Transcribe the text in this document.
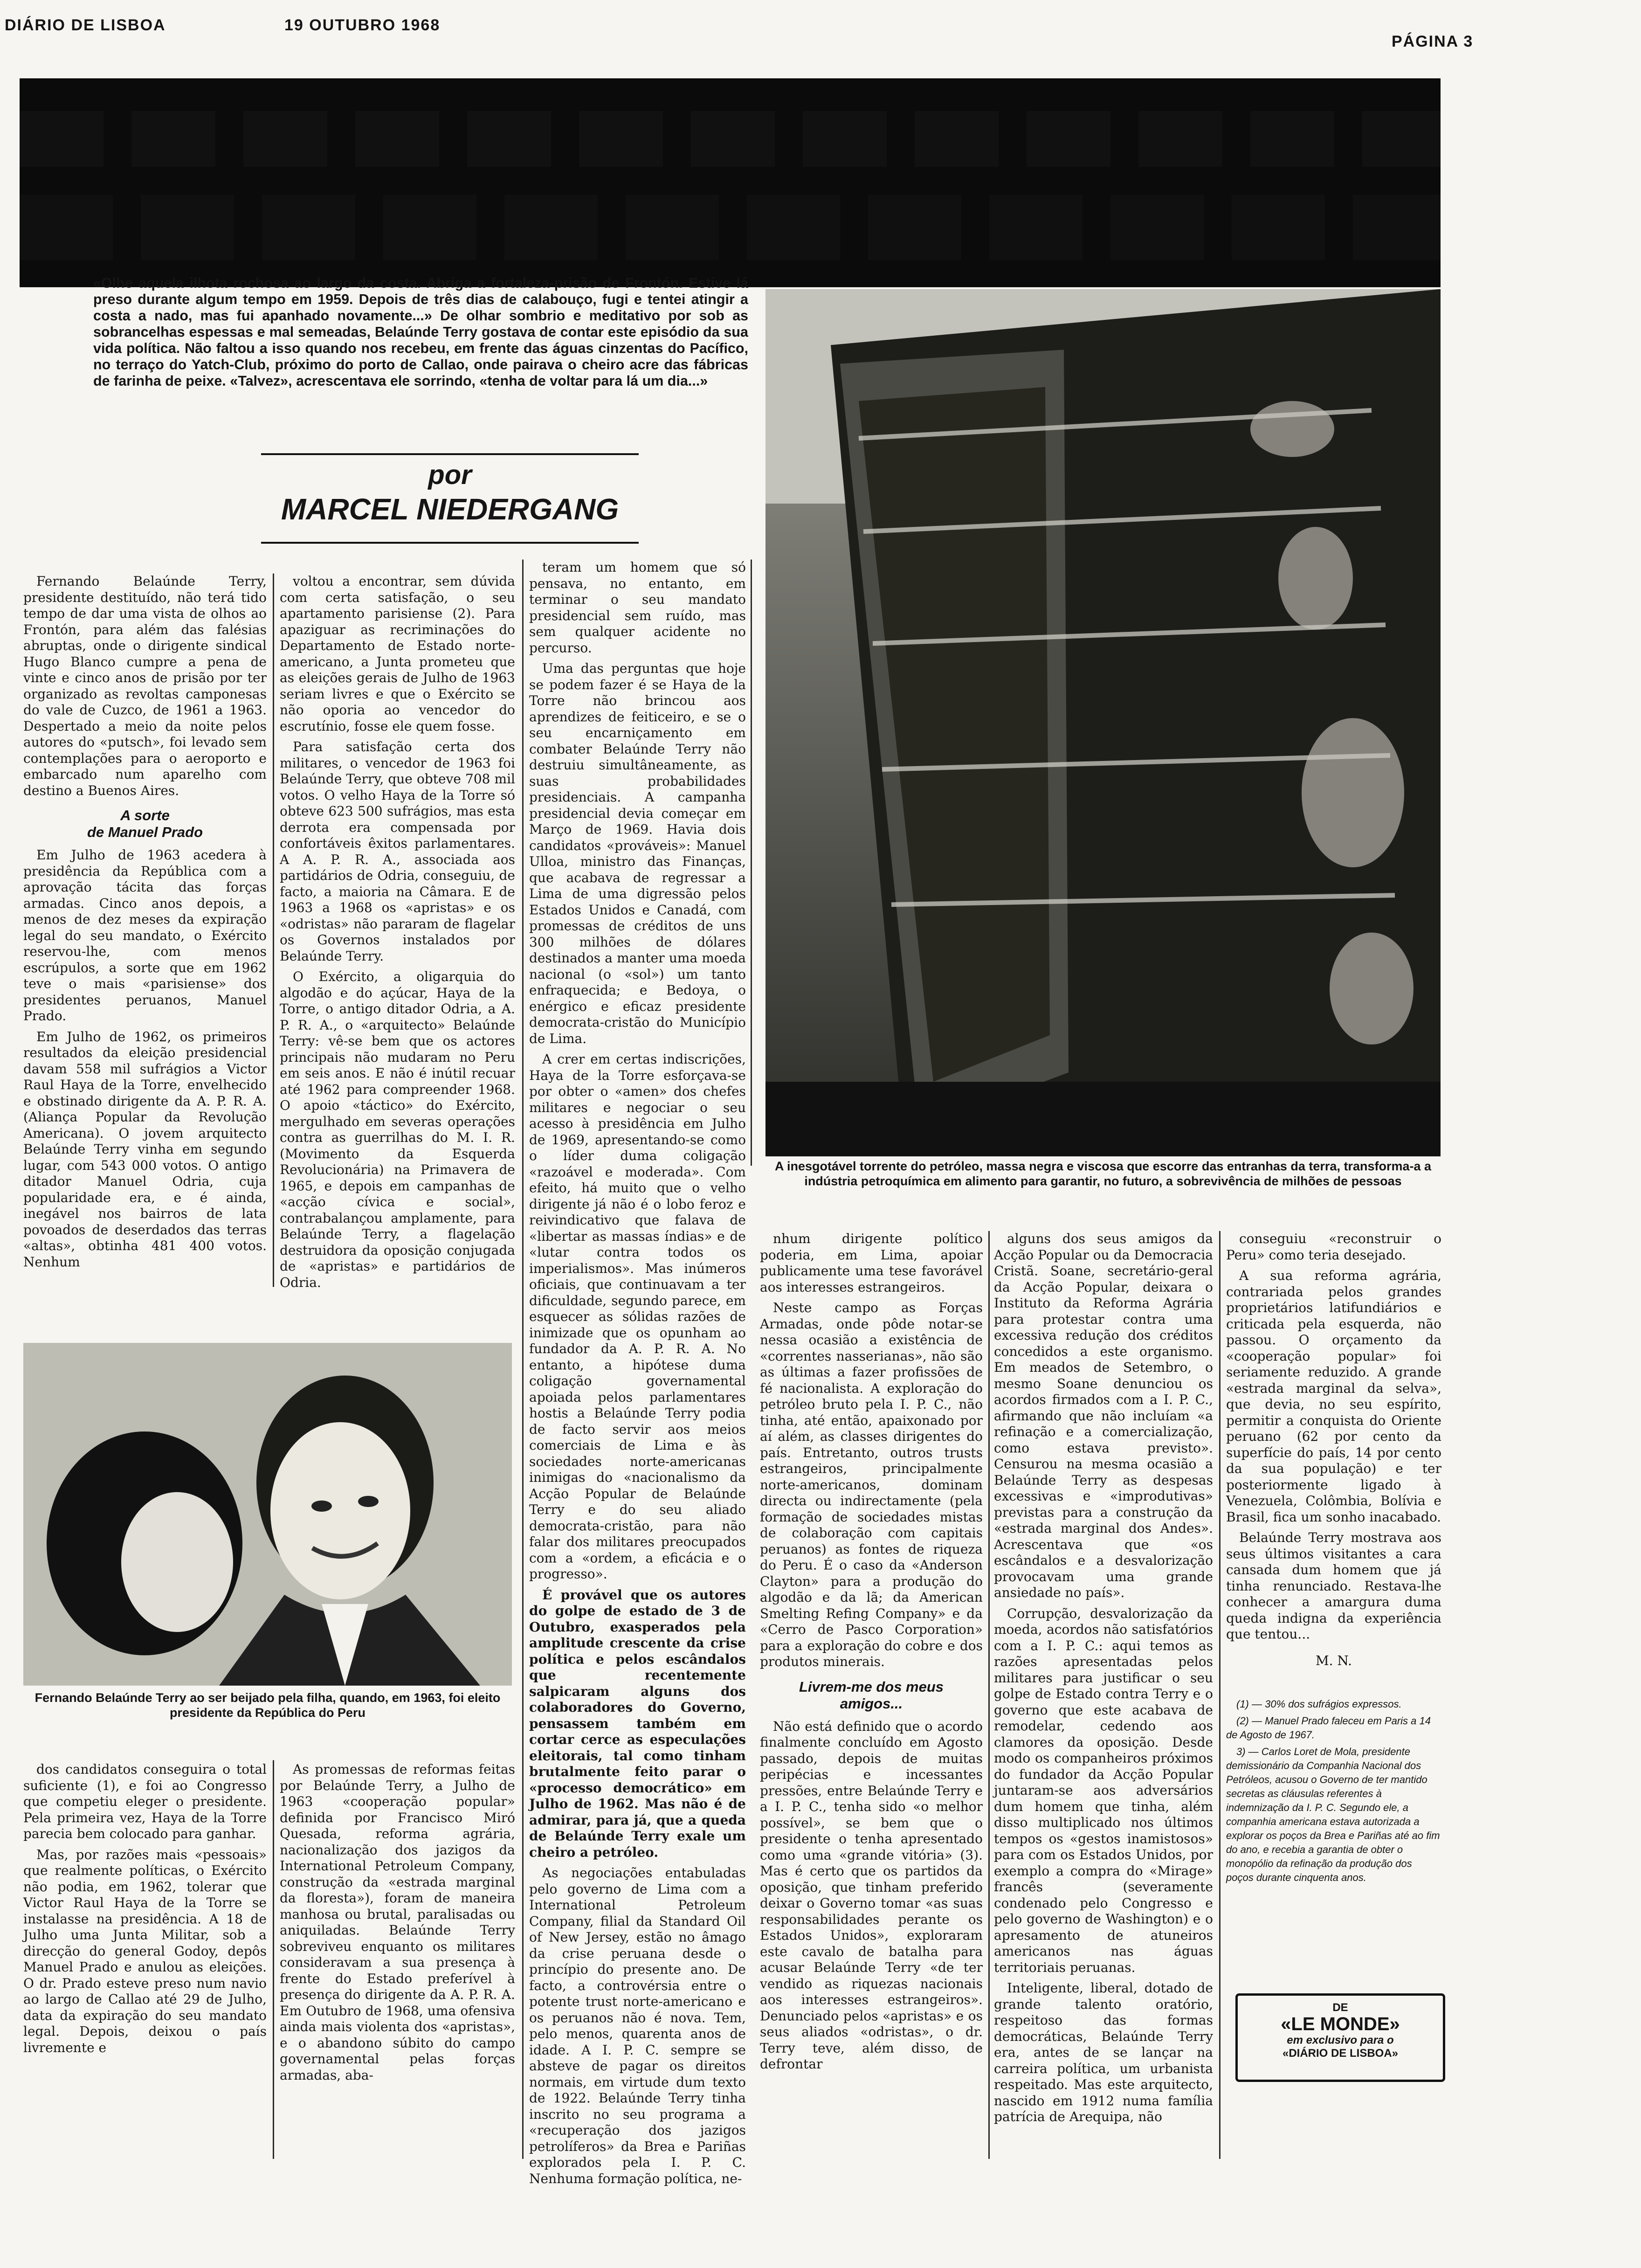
DIÁRIO DE LISBOA	19 OUTUBRO 1968
PÁGINA 3
«Olhe aquela ilhota rochosa ao largo da costa. Abriga a fortaleza-prisão de Frontón. Estive lá preso durante algum tempo em 1959. Depois de três dias de calabouço, fugi e tentei atingir a costa a nado, mas fui apanhado novamente...» De olhar sombrio e meditativo por sob as sobrancelhas espessas e mal semeadas, Belaúnde Terry gostava de contar este episódio da sua vida política. Não faltou a isso quando nos recebeu, em frente das águas cinzentas do Pacífico, no terraço do Yatch-Club, próximo do porto de Callao, onde pairava o cheiro acre das fábricas de farinha de peixe. «Talvez», acrescentava ele sorrindo, «tenha de voltar para lá um dia...»
por
MARCEL NIEDERGANG
A inesgotável torrente do petróleo, massa negra e viscosa que escorre das entranhas da terra, transforma-a a indústria petroquímica em alimento para garantir, no futuro, a sobrevivência de milhões de pessoas

Fernando Belaúnde Terry, presidente destituído, não terá tido tempo de dar uma vista de olhos ao Frontón, para além das falésias abruptas, onde o dirigente sindical Hugo Blanco cumpre a pena de vinte e cinco anos de prisão por ter organizado as revoltas camponesas do vale de Cuzco, de 1961 a 1963. Despertado a meio da noite pelos autores do «putsch», foi levado sem contemplações para o aeroporto e embarcado num aparelho com destino a Buenos Aires.

A sorte
de Manuel Prado

Em Julho de 1963 acedera à presidência da República com a aprovação tácita das forças armadas. Cinco anos depois, a menos de dez meses da expiração legal do seu mandato, o Exército reservou-lhe, com menos escrúpulos, a sorte que em 1962 teve o mais «parisiense» dos presidentes peruanos, Manuel Prado.

Em Julho de 1962, os primeiros resultados da eleição presidencial davam 558 mil sufrágios a Victor Raul Haya de la Torre, envelhecido e obstinado dirigente da A. P. R. A. (Aliança Popular da Revolução Americana). O jovem arquitecto Belaúnde Terry vinha em segundo lugar, com 543 000 votos. O antigo ditador Manuel Odria, cuja popularidade era, e é ainda, inegável nos bairros de lata povoados de deserdados das terras «altas», obtinha 481 400 votos. Nenhum

voltou a encontrar, sem dúvida com certa satisfação, o seu apartamento parisiense (2). Para apaziguar as recriminações do Departamento de Estado norte-americano, a Junta prometeu que as eleições gerais de Julho de 1963 seriam livres e que o Exército se não oporia ao vencedor do escrutínio, fosse ele quem fosse.

Para satisfação certa dos militares, o vencedor de 1963 foi Belaúnde Terry, que obteve 708 mil votos. O velho Haya de la Torre só obteve 623 500 sufrágios, mas esta derrota era compensada por confortáveis êxitos parlamentares. A A. P. R. A., associada aos partidários de Odria, conseguiu, de facto, a maioria na Câmara. E de 1963 a 1968 os «apristas» e os «odristas» não pararam de flagelar os Governos instalados por Belaúnde Terry.

O Exército, a oligarquia do algodão e do açúcar, Haya de la Torre, o antigo ditador Odria, a A. P. R. A., o «arquitecto» Belaúnde Terry: vê-se bem que os actores principais não mudaram no Peru em seis anos. E não é inútil recuar até 1962 para compreender 1968. O apoio «táctico» do Exército, mergulhado em severas operações contra as guerrilhas do M. I. R. (Movimento da Esquerda Revolucionária) na Primavera de 1965, e depois em campanhas de «acção cívica e social», contrabalançou amplamente, para Belaúnde Terry, a flagelação destruidora da oposição conjugada de «apristas» e partidários de Odria.

teram um homem que só pensava, no entanto, em terminar o seu mandato presidencial sem ruído, mas sem qualquer acidente no percurso.

Uma das perguntas que hoje se podem fazer é se Haya de la Torre não brincou aos aprendizes de feiticeiro, e se o seu encarniçamento em combater Belaúnde Terry não destruiu simultâneamente, as suas probabilidades presidenciais. A campanha presidencial devia começar em Março de 1969. Havia dois candidatos «prováveis»: Manuel Ulloa, ministro das Finanças, que acabava de regressar a Lima de uma digressão pelos Estados Unidos e Canadá, com promessas de créditos de uns 300 milhões de dólares destinados a manter uma moeda nacional (o «sol») um tanto enfraquecida; e Bedoya, o enérgico e eficaz presidente democrata-cristão do Município de Lima.

A crer em certas indiscrições, Haya de la Torre esforçava-se por obter o «amen» dos chefes militares e negociar o seu acesso à presidência em Julho de 1969, apresentando-se como o líder duma coligação «razoável e moderada». Com efeito, há muito que o velho dirigente já não é o lobo feroz e reivindicativo que falava de «libertar as massas índias» e de «lutar contra todos os imperialismos». Mas inúmeros oficiais, que continuavam a ter dificuldade, segundo parece, em esquecer as sólidas razões de inimizade que os opunham ao fundador da A. P. R. A. No entanto, a hipótese duma coligação governamental apoiada pelos parlamentares hostis a Belaúnde Terry podia de facto servir aos meios comerciais de Lima e às sociedades norte-americanas inimigas do «nacionalismo da Acção Popular de Belaúnde Terry e do seu aliado democrata-cristão, para não falar dos militares preocupados com a «ordem, a eficácia e o progresso».

É provável que os autores do golpe de estado de 3 de Outubro, exasperados pela amplitude crescente da crise política e pelos escândalos que recentemente salpicaram alguns dos colaboradores do Governo, pensassem também em cortar cerce as especulações eleitorais, tal como tinham brutalmente feito parar o «processo democrático» em Julho de 1962. Mas não é de admirar, para já, que a queda de Belaúnde Terry exale um cheiro a petróleo.

As negociações entabuladas pelo governo de Lima com a International Petroleum Company, filial da Standard Oil of New Jersey, estão no âmago da crise peruana desde o princípio do presente ano. De facto, a controvérsia entre o potente trust norte-americano e os peruanos não é nova. Tem, pelo menos, quarenta anos de idade. A I. P. C. sempre se absteve de pagar os direitos normais, em virtude dum texto de 1922. Belaúnde Terry tinha inscrito no seu programa a «recuperação dos jazigos petrolíferos» da Brea e Pariñas explorados pela I. P. C. Nenhuma formação política, ne-

Fernando Belaúnde Terry ao ser beijado pela filha, quando, em 1963, foi eleito presidente da República do Peru

dos candidatos conseguira o total suficiente (1), e foi ao Congresso que competiu eleger o presidente. Pela primeira vez, Haya de la Torre parecia bem colocado para ganhar.

Mas, por razões mais «pessoais» que realmente políticas, o Exército não podia, em 1962, tolerar que Victor Raul Haya de la Torre se instalasse na presidência. A 18 de Julho uma Junta Militar, sob a direcção do general Godoy, depôs Manuel Prado e anulou as eleições. O dr. Prado esteve preso num navio ao largo de Callao até 29 de Julho, data da expiração do seu mandato legal. Depois, deixou o país livremente e

As promessas de reformas feitas por Belaúnde Terry, a Julho de 1963 «cooperação popular» definida por Francisco Miró Quesada, reforma agrária, nacionalização dos jazigos da International Petroleum Company, construção da «estrada marginal da floresta»), foram de maneira manhosa ou brutal, paralisadas ou aniquiladas. Belaúnde Terry sobreviveu enquanto os militares consideravam a sua presença à frente do Estado preferível à presença do dirigente da A. P. R. A. Em Outubro de 1968, uma ofensiva ainda mais violenta dos «apristas», e o abandono súbito do campo governamental pelas forças armadas, aba-

nhum dirigente político poderia, em Lima, apoiar publicamente uma tese favorável aos interesses estrangeiros.

Neste campo as Forças Armadas, onde pôde notar-se nessa ocasião a existência de «correntes nasserianas», não são as últimas a fazer profissões de fé nacionalista. A exploração do petróleo bruto pela I. P. C., não tinha, até então, apaixonado por aí além, as classes dirigentes do país. Entretanto, outros trusts estrangeiros, principalmente norte-americanos, dominam directa ou indirectamente (pela formação de sociedades mistas de colaboração com capitais peruanos) as fontes de riqueza do Peru. É o caso da «Anderson Clayton» para a produção do algodão e da lã; da American Smelting Refing Company» e da «Cerro de Pasco Corporation» para a exploração do cobre e dos produtos minerais.

Livrem-me dos meus
amigos...

Não está definido que o acordo finalmente concluído em Agosto passado, depois de muitas peripécias e incessantes pressões, entre Belaúnde Terry e a I. P. C., tenha sido «o melhor possível», se bem que o presidente o tenha apresentado como uma «grande vitória» (3). Mas é certo que os partidos da oposição, que tinham preferido deixar o Governo tomar «as suas responsabilidades perante os Estados Unidos», exploraram este cavalo de batalha para acusar Belaúnde Terry «de ter vendido as riquezas nacionais aos interesses estrangeiros». Denunciado pelos «apristas» e os seus aliados «odristas», o dr. Terry teve, além disso, de defrontar

alguns dos seus amigos da Acção Popular ou da Democracia Cristã. Soane, secretário-geral da Acção Popular, deixara o Instituto da Reforma Agrária para protestar contra uma excessiva redução dos créditos concedidos a este organismo. Em meados de Setembro, o mesmo Soane denunciou os acordos firmados com a I. P. C., afirmando que não incluíam «a refinação e a comercialização, como estava previsto». Censurou na mesma ocasião a Belaúnde Terry as despesas excessivas e «improdutivas» previstas para a construção da «estrada marginal dos Andes». Acrescentava que «os escândalos e a desvalorização provocavam uma grande ansiedade no país».

Corrupção, desvalorização da moeda, acordos não satisfatórios com a I. P. C.: aqui temos as razões apresentadas pelos militares para justificar o seu golpe de Estado contra Terry e o governo que este acabava de remodelar, cedendo aos clamores da oposição. Desde modo os companheiros próximos do fundador da Acção Popular juntaram-se aos adversários dum homem que tinha, além disso multiplicado nos últimos tempos os «gestos inamistosos» para com os Estados Unidos, por exemplo a compra do «Mirage» francês (severamente condenado pelo Congresso e pelo governo de Washington) e o apresamento de atuneiros americanos nas águas territoriais peruanas.

Inteligente, liberal, dotado de grande talento oratório, respeitoso das formas democráticas, Belaúnde Terry era, antes de se lançar na carreira política, um urbanista respeitado. Mas este arquitecto, nascido em 1912 numa família patrícia de Arequipa, não

conseguiu «reconstruir o Peru» como teria desejado.

A sua reforma agrária, contrariada pelos grandes proprietários latifundiários e criticada pela esquerda, não passou. O orçamento da «cooperação popular» foi seriamente reduzido. A grande «estrada marginal da selva», que devia, no seu espírito, permitir a conquista do Oriente peruano (62 por cento da superfície do país, 14 por cento da sua população) e ter posteriormente ligado à Venezuela, Colômbia, Bolívia e Brasil, fica um sonho inacabado.

Belaúnde Terry mostrava aos seus últimos visitantes a cara cansada dum homem que já tinha renunciado. Restava-lhe conhecer a amargura duma queda indigna da experiência que tentou...

M. N.

(1) — 30% dos sufrágios expressos.

(2) — Manuel Prado faleceu em Paris a 14 de Agosto de 1967.

3) — Carlos Loret de Mola, presidente demissionário da Companhia Nacional dos Petróleos, acusou o Governo de ter mantido secretas as cláusulas referentes à indemnização da I. P. C. Segundo ele, a companhia americana estava autorizada a explorar os poços da Brea e Pariñas até ao fim do ano, e recebia a garantia de obter o monopólio da refinação da produção dos poços durante cinquenta anos.

DE
«LE MONDE»
em exclusivo para o
«DIÁRIO DE LISBOA»
